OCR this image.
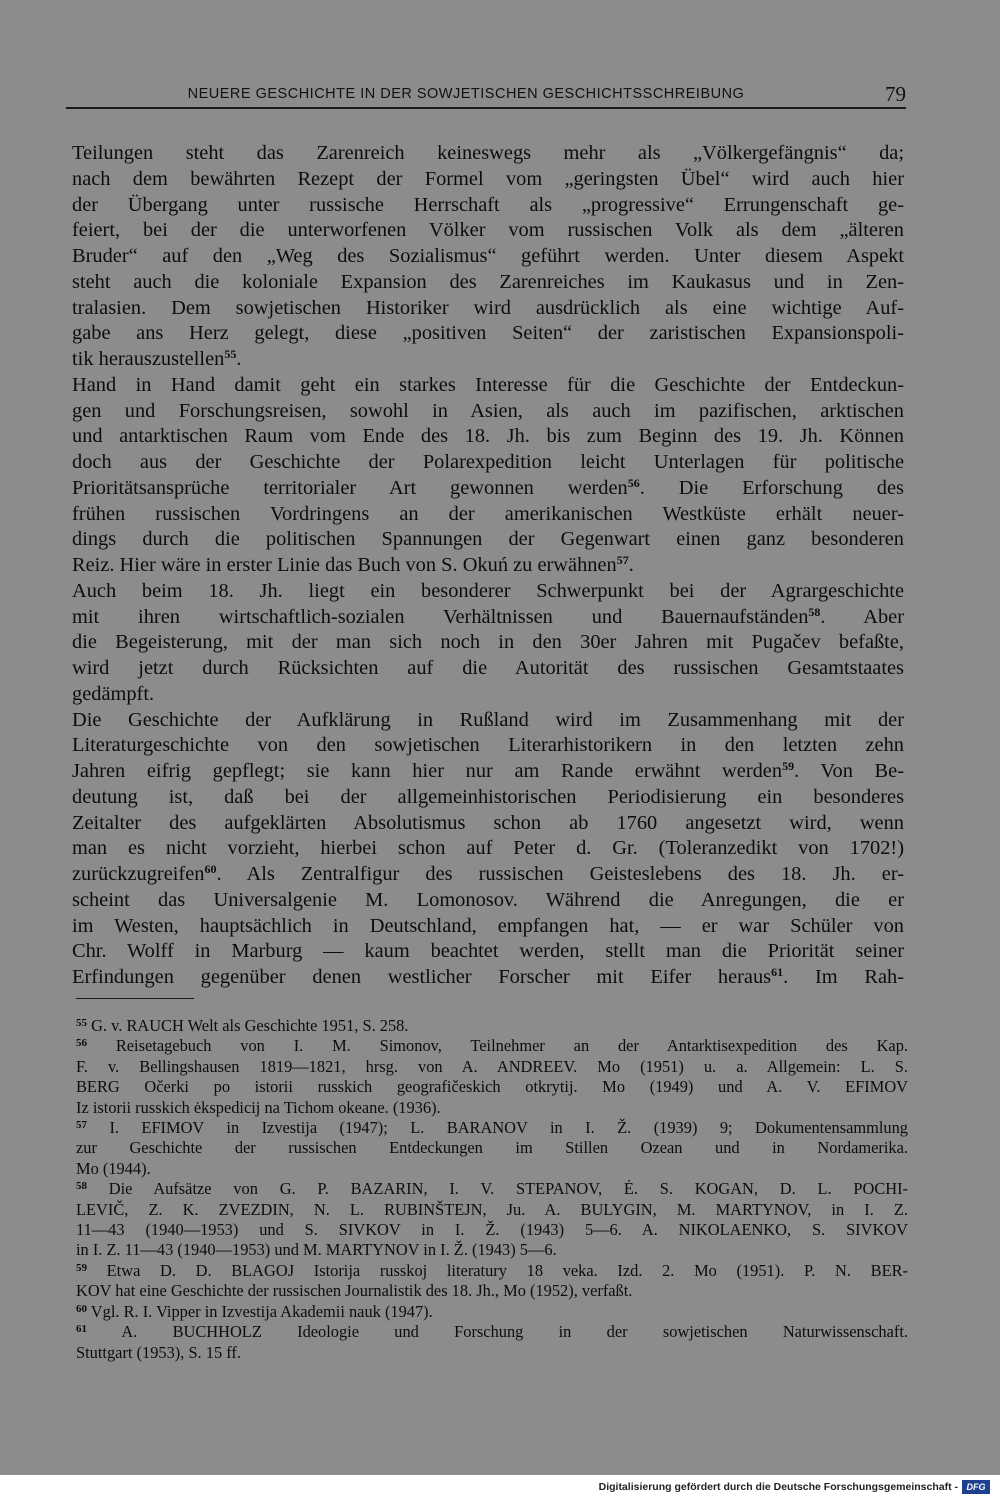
NEUERE GESCHICHTE IN DER SOWJETISCHEN GESCHICHTSSCHREIBUNG	79
Teilungen steht das Zarenreich keineswegs mehr als „Völkergefängnis“ da;
nach dem bewährten Rezept der Formel vom „geringsten Übel“ wird auch hier
der Übergang unter russische Herrschaft als „progressive“ Errungenschaft ge-
feiert, bei der die unterworfenen Völker vom russischen Volk als dem „älteren
Bruder“ auf den „Weg des Sozialismus“ geführt werden. Unter diesem Aspekt
steht auch die koloniale Expansion des Zarenreiches im Kaukasus und in Zen-
tralasien. Dem sowjetischen Historiker wird ausdrücklich als eine wichtige Auf-
gabe ans Herz gelegt, diese „positiven Seiten“ der zaristischen Expansionspoli-
tik herauszustellen$^{55}$.
Hand in Hand damit geht ein starkes Interesse für die Geschichte der Entdeckun-
gen und Forschungsreisen, sowohl in Asien, als auch im pazifischen, arktischen
und antarktischen Raum vom Ende des 18. Jh. bis zum Beginn des 19. Jh. Können
doch aus der Geschichte der Polarexpedition leicht Unterlagen für politische
Prioritätsansprüche territorialer Art gewonnen werden$^{56}$. Die Erforschung des
frühen russischen Vordringens an der amerikanischen Westküste erhält neuer-
dings durch die politischen Spannungen der Gegenwart einen ganz besonderen
Reiz. Hier wäre in erster Linie das Buch von S. Okuń zu erwähnen$^{57}$.
Auch beim 18. Jh. liegt ein besonderer Schwerpunkt bei der Agrargeschichte
mit ihren wirtschaftlich-sozialen Verhältnissen und Bauernaufständen$^{58}$. Aber
die Begeisterung, mit der man sich noch in den 30er Jahren mit Pugačev befaßte,
wird jetzt durch Rücksichten auf die Autorität des russischen Gesamtstaates
gedämpft.
Die Geschichte der Aufklärung in Rußland wird im Zusammenhang mit der
Literaturgeschichte von den sowjetischen Literarhistorikern in den letzten zehn
Jahren eifrig gepflegt; sie kann hier nur am Rande erwähnt werden$^{59}$. Von Be-
deutung ist, daß bei der allgemeinhistorischen Periodisierung ein besonderes
Zeitalter des aufgeklärten Absolutismus schon ab 1760 angesetzt wird, wenn
man es nicht vorzieht, hierbei schon auf Peter d. Gr. (Toleranzedikt von 1702!)
zurückzugreifen$^{60}$. Als Zentralfigur des russischen Geisteslebens des 18. Jh. er-
scheint das Universalgenie M. Lomonosov. Während die Anregungen, die er
im Westen, hauptsächlich in Deutschland, empfangen hat, — er war Schüler von
Chr. Wolff in Marburg — kaum beachtet werden, stellt man die Priorität seiner
Erfindungen gegenüber denen westlicher Forscher mit Eifer heraus$^{61}$. Im Rah-
$^{55}$ G. v. RAUCH Welt als Geschichte 1951, S. 258.
$^{56}$ Reisetagebuch von I. M. Simonov, Teilnehmer an der Antarktisexpedition des Kap.
F. v. Bellingshausen 1819—1821, hrsg. von A. ANDREEV. Mo (1951) u. a. Allgemein: L. S.
BERG Očerki po istorii russkich geografičeskich otkrytij. Mo (1949) und A. V. EFIMOV
Iz istorii russkich ėkspedicij na Tichom okeane. (1936).
$^{57}$ I. EFIMOV in Izvestija (1947); L. BARANOV in I. Ž. (1939) 9; Dokumentensammlung
zur Geschichte der russischen Entdeckungen im Stillen Ozean und in Nordamerika.
Mo (1944).
$^{58}$ Die Aufsätze von G. P. BAZARIN, I. V. STEPANOV, Ė. S. KOGAN, D. L. POCHI-
LEVIČ, Z. K. ZVEZDIN, N. L. RUBINŠTEJN, Ju. A. BULYGIN, M. MARTYNOV, in I. Z.
11—43 (1940—1953) und S. SIVKOV in I. Ž. (1943) 5—6. A. NIKOLAENKO, S. SIVKOV
in I. Z. 11—43 (1940—1953) und M. MARTYNOV in I. Ž. (1943) 5—6.
$^{59}$ Etwa D. D. BLAGOJ Istorija russkoj literatury 18 veka. Izd. 2. Mo (1951). P. N. BER-
KOV hat eine Geschichte der russischen Journalistik des 18. Jh., Mo (1952), verfaßt.
$^{60}$ Vgl. R. I. Vipper in Izvestija Akademii nauk (1947).
$^{61}$ A. BUCHHOLZ Ideologie und Forschung in der sowjetischen Naturwissenschaft.
Stuttgart (1953), S. 15 ff.
Digitalisierung gefördert durch die Deutsche Forschungsgemeinschaft - DFG
